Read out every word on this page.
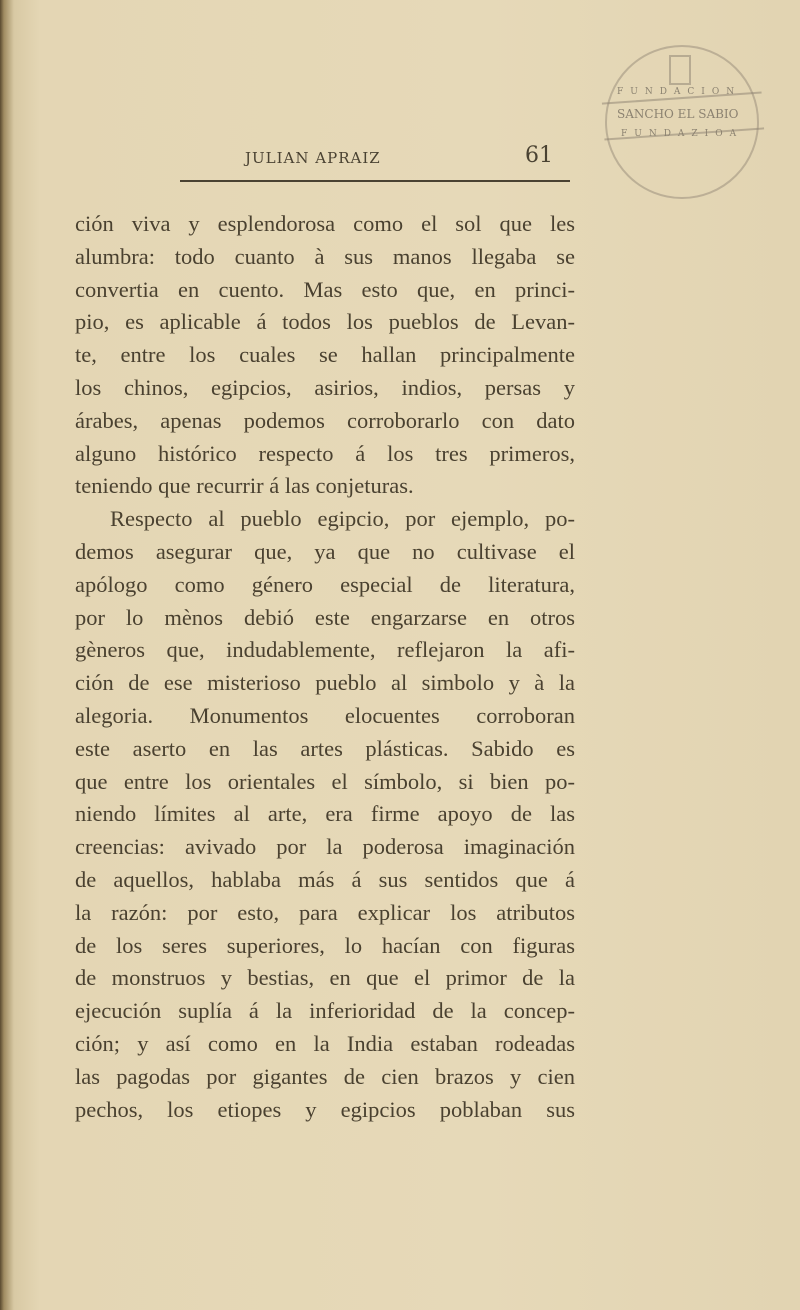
FUNDACION
SANCHO EL SABIO
FUNDAZIOA
JULIAN APRAIZ	61
ción viva y esplendorosa como el sol que les
alumbra: todo cuanto à sus manos llegaba se
convertia en cuento. Mas esto que, en princi-
pio, es aplicable á todos los pueblos de Levan-
te, entre los cuales se hallan principalmente
los chinos, egipcios, asirios, indios, persas y
árabes, apenas podemos corroborarlo con dato
alguno histórico respecto á los tres primeros,
teniendo que recurrir á las conjeturas.
Respecto al pueblo egipcio, por ejemplo, po-
demos asegurar que, ya que no cultivase el
apólogo como género especial de literatura,
por lo mènos debió este engarzarse en otros
gèneros que, indudablemente, reflejaron la afi-
ción de ese misterioso pueblo al simbolo y à la
alegoria. Monumentos elocuentes corroboran
este aserto en las artes plásticas. Sabido es
que entre los orientales el símbolo, si bien po-
niendo límites al arte, era firme apoyo de las
creencias: avivado por la poderosa imaginación
de aquellos, hablaba más á sus sentidos que á
la razón: por esto, para explicar los atributos
de los seres superiores, lo hacían con figuras
de monstruos y bestias, en que el primor de la
ejecución suplía á la inferioridad de la concep-
ción; y así como en la India estaban rodeadas
las pagodas por gigantes de cien brazos y cien
pechos, los etiopes y egipcios poblaban sus
